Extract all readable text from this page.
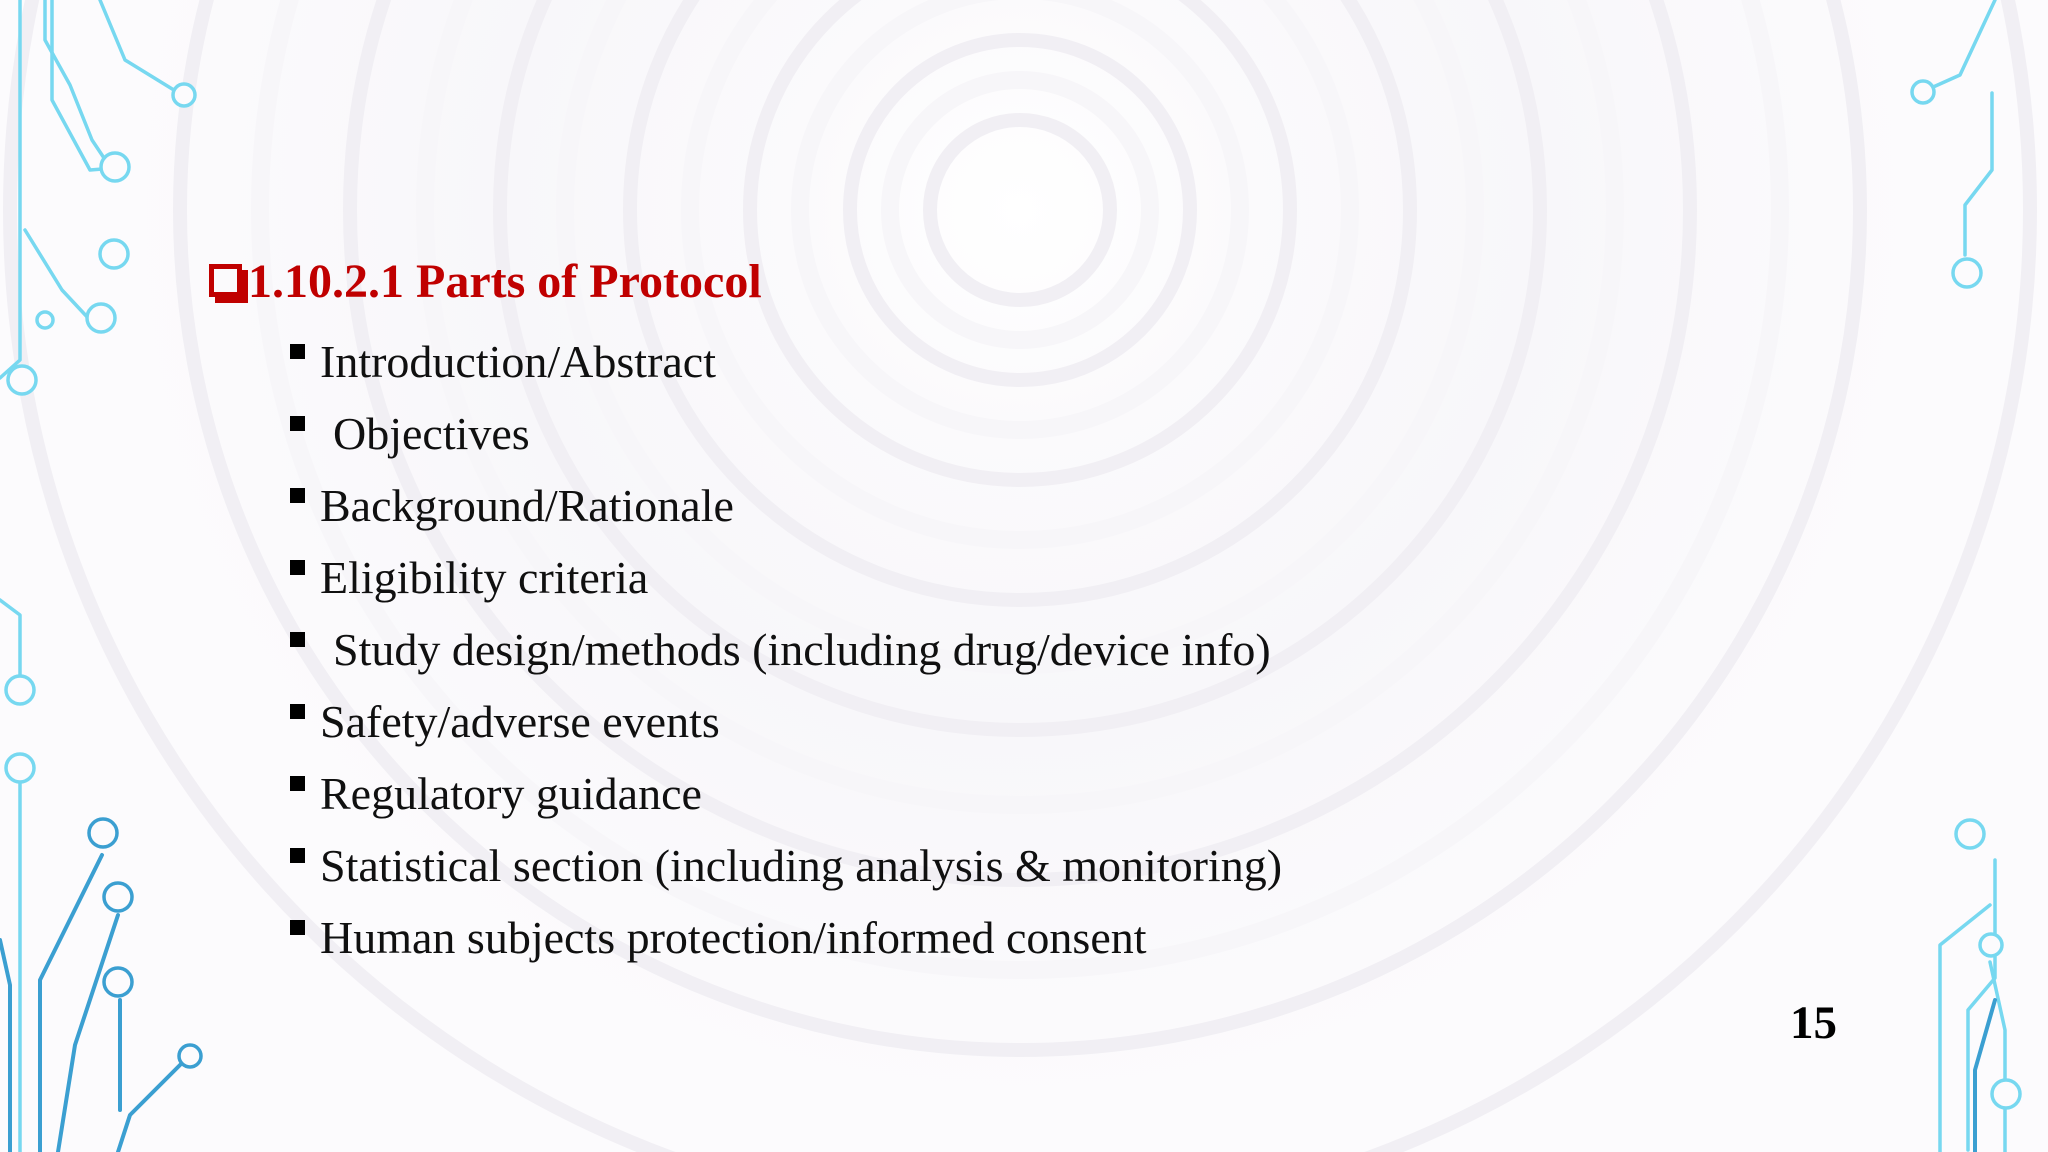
1.10.2.1 Parts of Protocol
Introduction/Abstract
Objectives
Background/Rationale
Eligibility criteria
Study design/methods (including drug/device info)
Safety/adverse events
Regulatory guidance
Statistical section (including analysis & monitoring)
Human subjects protection/informed consent
15
